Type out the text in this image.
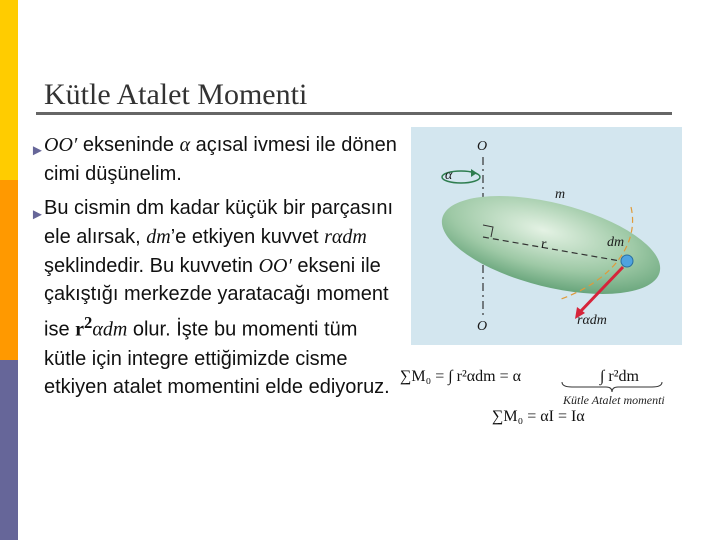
Kütle Atalet Momenti
► OO′ ekseninde α açısal ivmesi ile dönen cimi düşünelim.
► Bu cismin dm kadar küçük bir parçasını ele alırsak, dm’e etkiyen kuvvet rαdm şeklindedir. Bu kuvvetin OO′ ekseni ile çakıştığı merkezde yaratacağı moment ise $r^2\alpha dm$ olur. İşte bu momenti tüm kütle için integre ettiğimizde cisme etkiyen atalet momentini elde ediyoruz.
O
α
m
r	dm
O	rαdm
∑M₀ = ∫ r²αdm = α	∫ r²dm
Kütle Atalet momenti
∑M₀ = αI = Iα
